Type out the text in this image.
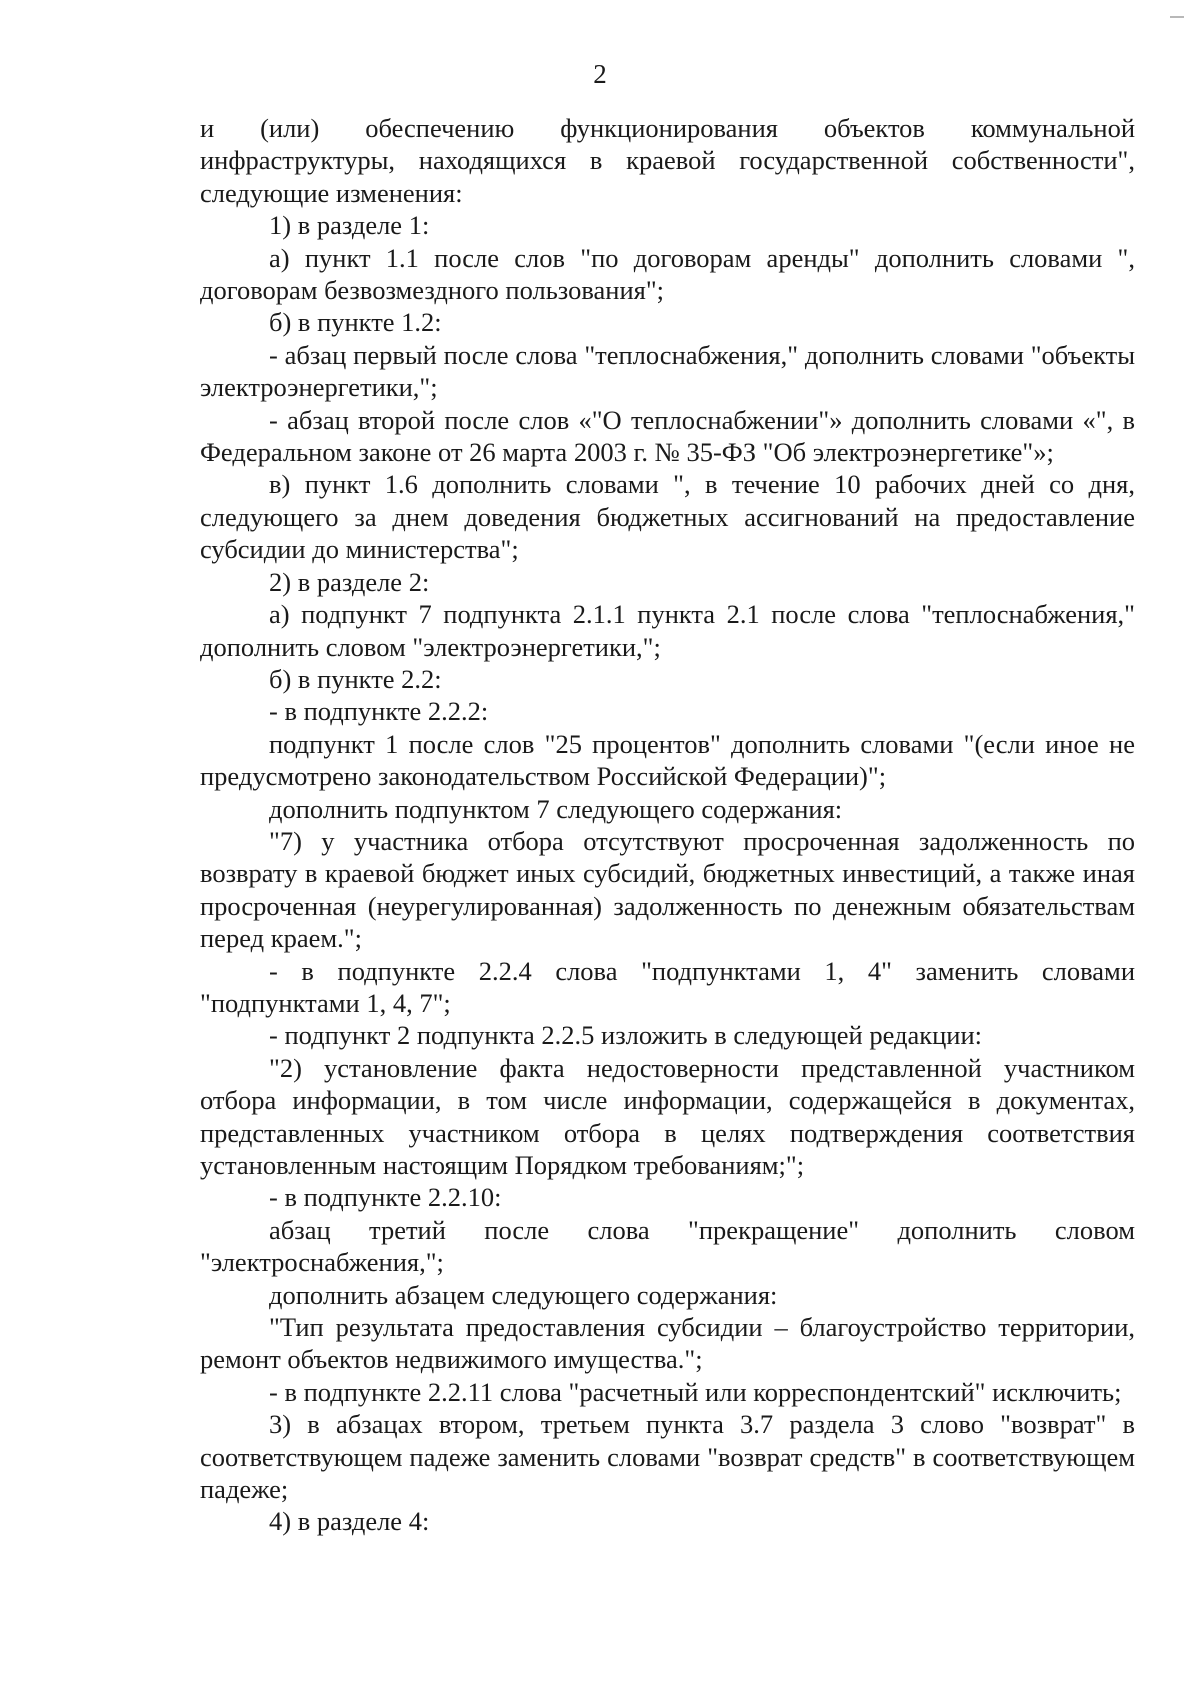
2

и (или) обеспечению функционирования объектов коммунальной инфраструктуры, находящихся в краевой государственной собственности", следующие изменения:

1) в разделе 1:

а) пункт 1.1 после слов "по договорам аренды" дополнить словами ", договорам безвозмездного пользования";

б) в пункте 1.2:

- абзац первый после слова "теплоснабжения," дополнить словами "объекты электроэнергетики,";

- абзац второй после слов «"О теплоснабжении"» дополнить словами «", в Федеральном законе от 26 марта 2003 г. № 35-ФЗ "Об электроэнергетике"»;

в) пункт 1.6 дополнить словами ", в течение 10 рабочих дней со дня, следующего за днем доведения бюджетных ассигнований на предоставление субсидии до министерства";

2) в разделе 2:

а) подпункт 7 подпункта 2.1.1 пункта 2.1 после слова "теплоснабжения," дополнить словом "электроэнергетики,";

б) в пункте 2.2:

- в подпункте 2.2.2:

подпункт 1 после слов "25 процентов" дополнить словами "(если иное не предусмотрено законодательством Российской Федерации)";

дополнить подпунктом 7 следующего содержания:

"7) у участника отбора отсутствуют просроченная задолженность по возврату в краевой бюджет иных субсидий, бюджетных инвестиций, а также иная просроченная (неурегулированная) задолженность по денежным обязательствам перед краем.";

- в подпункте 2.2.4 слова "подпунктами 1, 4" заменить словами "подпунктами 1, 4, 7";

- подпункт 2 подпункта 2.2.5 изложить в следующей редакции:

"2) установление факта недостоверности представленной участником отбора информации, в том числе информации, содержащейся в документах, представленных участником отбора в целях подтверждения соответствия установленным настоящим Порядком требованиям;";

- в подпункте 2.2.10:

абзац третий после слова "прекращение" дополнить словом "электроснабжения,";

дополнить абзацем следующего содержания:

"Тип результата предоставления субсидии – благоустройство территории, ремонт объектов недвижимого имущества.";

- в подпункте 2.2.11 слова "расчетный или корреспондентский" исключить;

3) в абзацах втором, третьем пункта 3.7 раздела 3 слово "возврат" в соответствующем падеже заменить словами "возврат средств" в соответствующем падеже;

4) в разделе 4:
